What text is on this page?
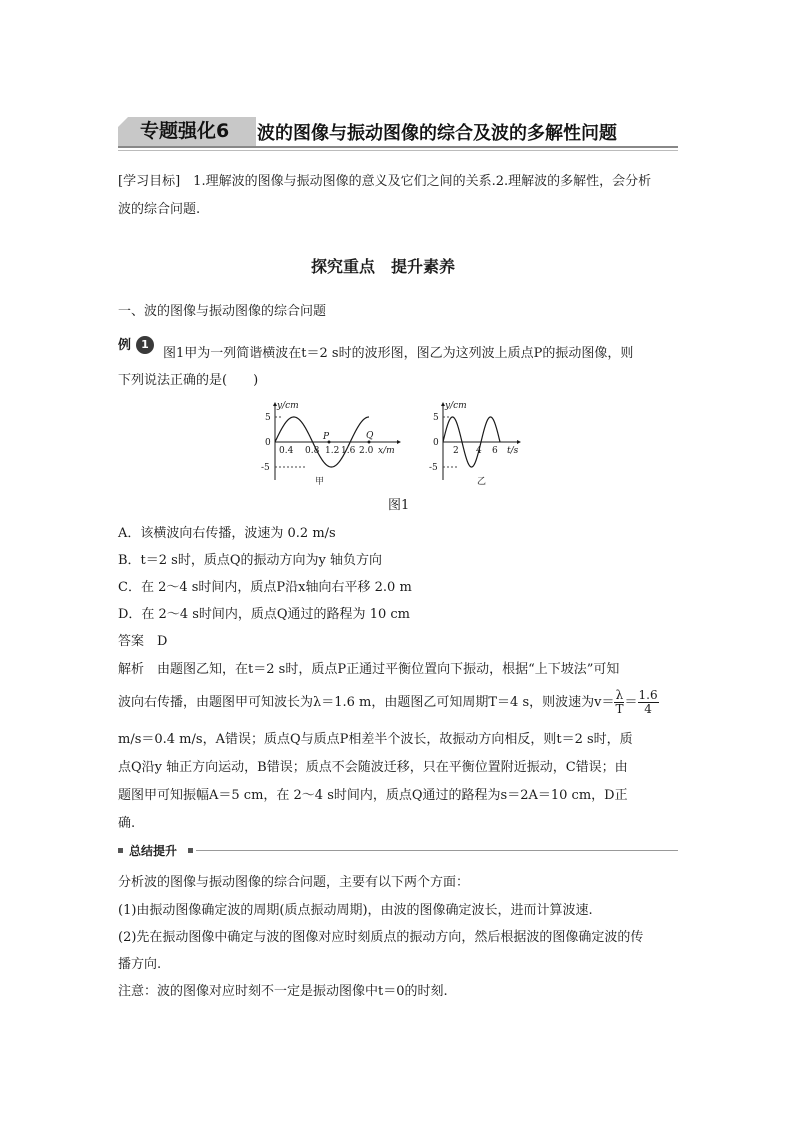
专题强化6 波的图像与振动图像的综合及波的多解性问题
[学习目标]　 1.理解波的图像与振动图像的意义及它们之间的关系.2.理解波的多解性，会分析
波的综合问题.
探究重点　提升素养
一、波的图像与振动图像的综合问题
例 1
图1甲为一列简谐横波在t＝2 s时的波形图，图乙为这列波上质点P的振动图像，则
下列说法正确的是(　　)
y/cm
5
0
-5
0.4 0.8 1.2 1.6 2.0 x/m
P	Q
甲
y/cm
5
0
-5
2 4 6 t/s
乙
图1
A．该横波向右传播，波速为 0.2 m/s
B．t＝2 s时，质点Q的振动方向为y 轴负方向
C．在 2～4 s时间内，质点P沿x轴向右平移 2.0 m
D．在 2～4 s时间内，质点Q通过的路程为 10 cm
答案　 D
解析　 由题图乙知，在t＝2 s时，质点P正通过平衡位置向下振动，根据“上下坡法”可知
波向右传播，由题图甲可知波长为λ＝1.6 m，由题图乙可知周期T＝4 s，则波速为$v= \frac{\lambda}{T} = \frac{1.6}{4}$
m/s＝0.4 m/s，A错误；质点Q与质点P相差半个波长，故振动方向相反，则t＝2 s时，质
点Q沿y 轴正方向运动，B错误；质点不会随波迁移，只在平衡位置附近振动，C错误；由
题图甲可知振幅A＝5 cm，在 2～4 s时间内，质点Q通过的路程为s＝2A＝10 cm，D正
确.
总结提升
分析波的图像与振动图像的综合问题，主要有以下两个方面：
(1)由振动图像确定波的周期(质点振动周期)，由波的图像确定波长，进而计算波速.
(2)先在振动图像中确定与波的图像对应时刻质点的振动方向，然后根据波的图像确定波的传
播方向.
注意：波的图像对应时刻不一定是振动图像中t＝0的时刻.
